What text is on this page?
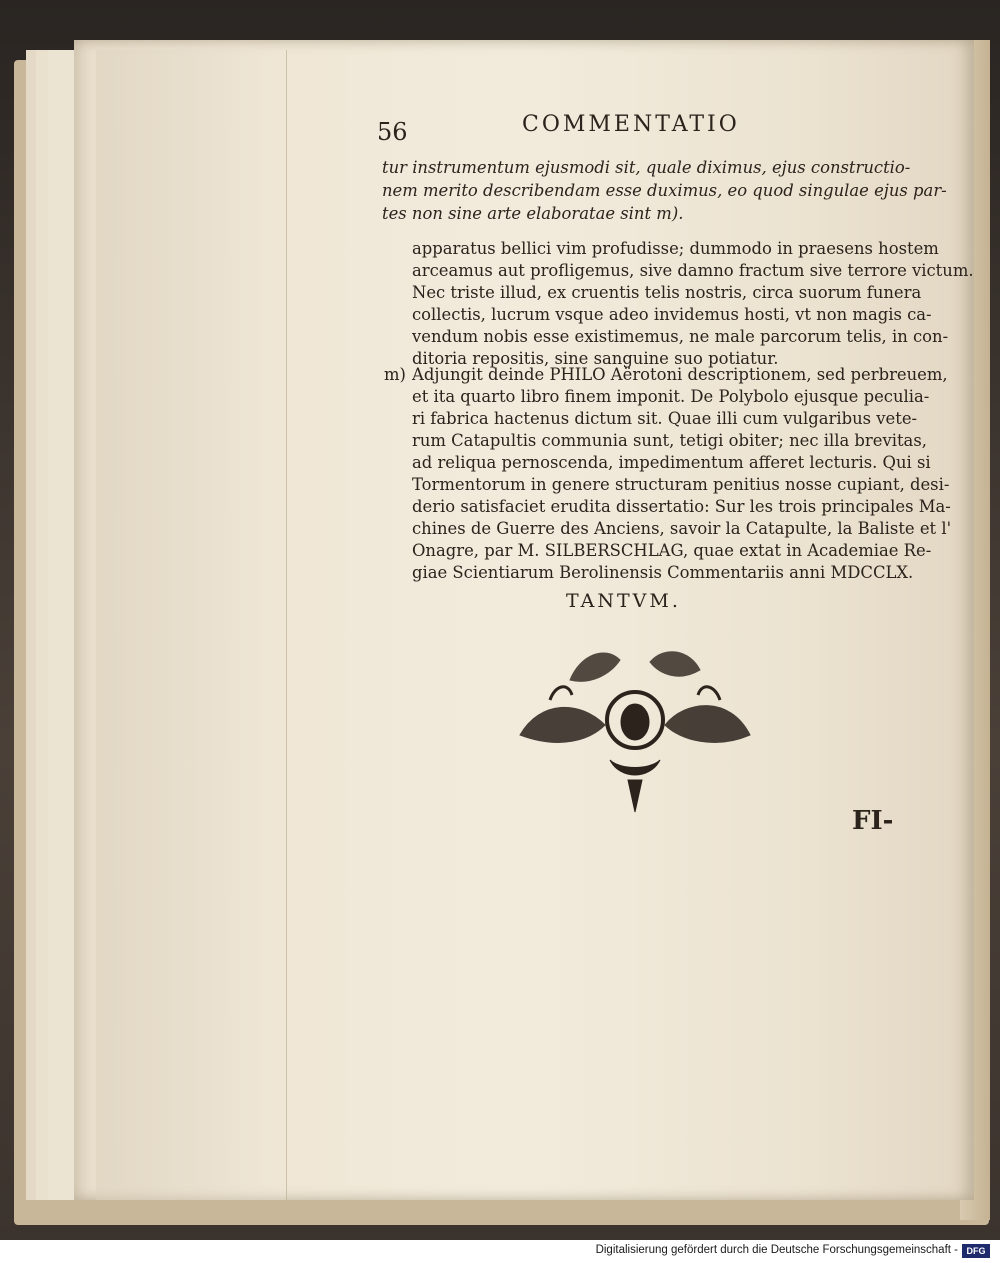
56	COMMENTATIO
tur instrumentum ejusmodi sit, quale diximus, ejus constructio-
nem merito describendam esse duximus, eo quod singulae ejus par-
tes non sine arte elaboratae sint m).
apparatus bellici vim profudisse; dummodo in praesens hostem
arceamus aut profligemus, sive damno fractum sive terrore victum.
Nec triste illud, ex cruentis telis nostris, circa suorum funera
collectis, lucrum vsque adeo invidemus hosti, vt non magis ca-
vendum nobis esse existimemus, ne male parcorum telis, in con-
ditoria repositis, sine sanguine suo potiatur.
m) Adjungit deinde PHILO Aërotoni descriptionem, sed perbreuem,
et ita quarto libro finem imponit. De Polybolo ejusque peculia-
ri fabrica hactenus dictum sit. Quae illi cum vulgaribus vete-
rum Catapultis communia sunt, tetigi obiter; nec illa brevitas,
ad reliqua pernoscenda, impedimentum afferet lecturis. Qui si
Tormentorum in genere structuram penitius nosse cupiant, desi-
derio satisfaciet erudita dissertatio: Sur les trois principales Ma-
chines de Guerre des Anciens, savoir la Catapulte, la Baliste et l'
Onagre, par M. SILBERSCHLAG, quae extat in Academiae Re-
giae Scientiarum Berolinensis Commentariis anni MDCCLX.
TANTVM.
FI-
Digitalisierung gefördert durch die Deutsche Forschungsgemeinschaft - DFG
